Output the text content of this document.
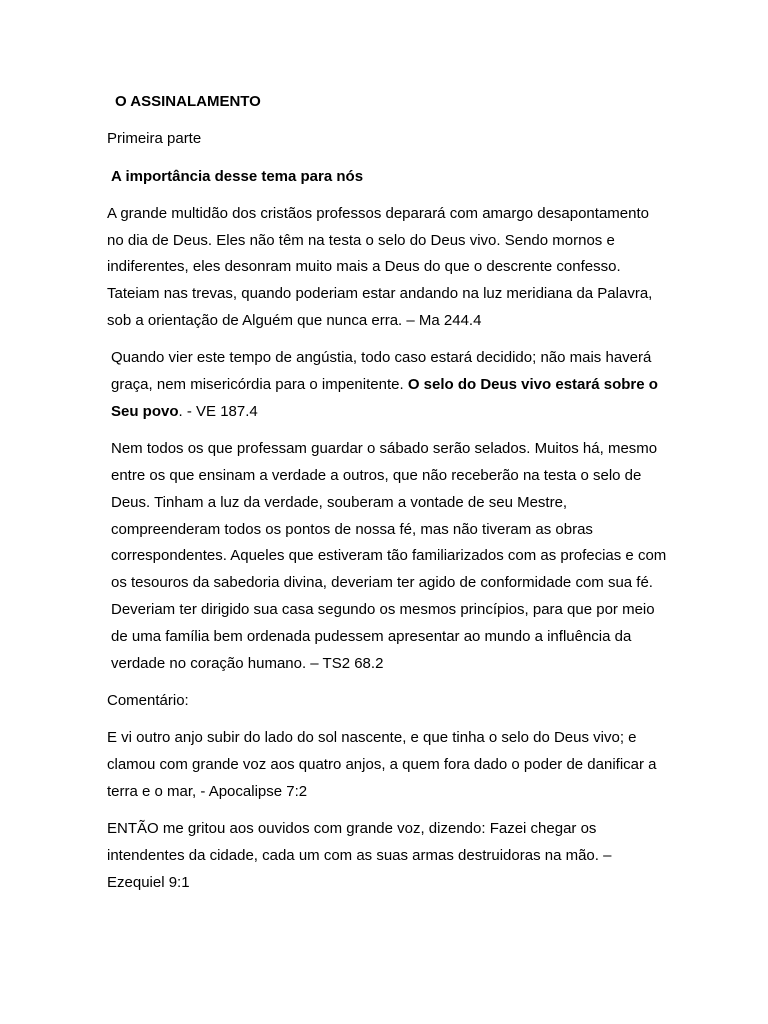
O ASSINALAMENTO

Primeira parte

A importância desse tema para nós

A grande multidão dos cristãos professos deparará com amargo desapontamento no dia de Deus. Eles não têm na testa o selo do Deus vivo. Sendo mornos e indiferentes, eles desonram muito mais a Deus do que o descrente confesso. Tateiam nas trevas, quando poderiam estar andando na luz meridiana da Palavra, sob a orientação de Alguém que nunca erra. – Ma 244.4

Quando vier este tempo de angústia, todo caso estará decidido; não mais haverá graça, nem misericórdia para o impenitente. O selo do Deus vivo estará sobre o Seu povo. - VE 187.4

Nem todos os que professam guardar o sábado serão selados. Muitos há, mesmo entre os que ensinam a verdade a outros, que não receberão na testa o selo de Deus. Tinham a luz da verdade, souberam a vontade de seu Mestre, compreenderam todos os pontos de nossa fé, mas não tiveram as obras correspondentes. Aqueles que estiveram tão familiarizados com as profecias e com os tesouros da sabedoria divina, deveriam ter agido de conformidade com sua fé. Deveriam ter dirigido sua casa segundo os mesmos princípios, para que por meio de uma família bem ordenada pudessem apresentar ao mundo a influência da verdade no coração humano. – TS2 68.2

Comentário:

E vi outro anjo subir do lado do sol nascente, e que tinha o selo do Deus vivo; e clamou com grande voz aos quatro anjos, a quem fora dado o poder de danificar a terra e o mar, - Apocalipse 7:2

ENTÃO me gritou aos ouvidos com grande voz, dizendo: Fazei chegar os intendentes da cidade, cada um com as suas armas destruidoras na mão. – Ezequiel 9:1
